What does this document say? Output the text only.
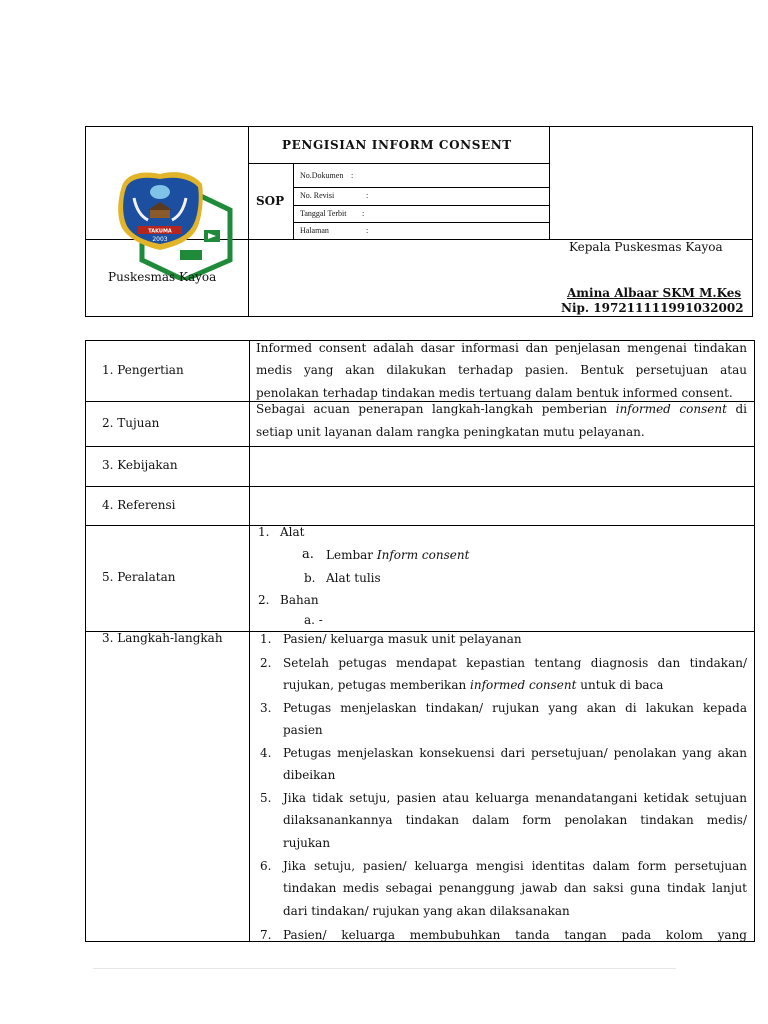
TAKUMA
2003
Puskesmas Kayoa
PENGISIAN INFORM CONSENT
SOP
No.Dokumen :
No. Revisi	:
Tanggal Terbit :
Halaman	:
Kepala Puskesmas Kayoa
Amina Albaar SKM M.Kes
Nip. 197211111991032002
1. Pengertian
2. Tujuan
3. Kebijakan
4. Referensi
5. Peralatan
3. Langkah-langkah
Informed consent adalah dasar informasi dan penjelasan mengenai tindakan
medis yang akan dilakukan terhadap pasien. Bentuk persetujuan atau
penolakan terhadap tindakan medis tertuang dalam bentuk informed consent.
Sebagai acuan penerapan langkah-langkah pemberian informed consent di
setiap unit layanan dalam rangka peningkatan mutu pelayanan.
1. Alat
a. Lembar Inform consent
b. Alat tulis
2. Bahan
a. -
1. Pasien/ keluarga masuk unit pelayanan
2. Setelah petugas mendapat kepastian tentang diagnosis dan tindakan/
rujukan, petugas memberikan informed consent untuk di baca
3. Petugas menjelaskan tindakan/ rujukan yang akan di lakukan kepada
pasien
4. Petugas menjelaskan konsekuensi dari persetujuan/ penolakan yang akan
dibeikan
5. Jika tidak setuju, pasien atau keluarga menandatangani ketidak setujuan
dilaksanankannya tindakan dalam form penolakan tindakan medis/
rujukan
6. Jika setuju, pasien/ keluarga mengisi identitas dalam form persetujuan
tindakan medis sebagai penanggung jawab dan saksi guna tindak lanjut
dari tindakan/ rujukan yang akan dilaksanakan
7. Pasien/ keluarga membubuhkan tanda tangan pada kolom yang
